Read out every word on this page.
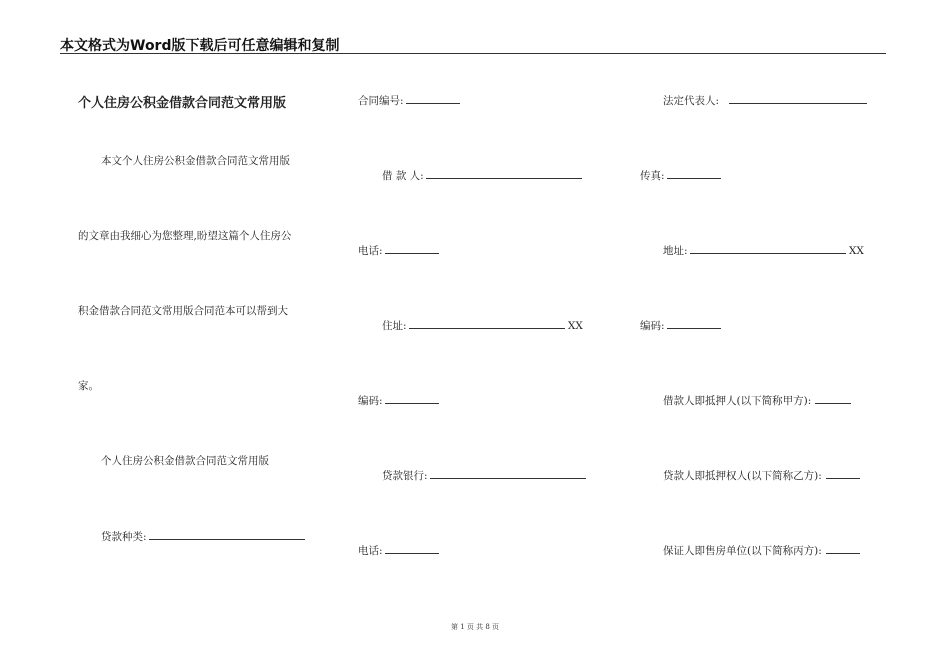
本文格式为Word版下载后可任意编辑和复制
个人住房公积金借款合同范文常用版
本文个人住房公积金借款合同范文常用版
的文章由我细心为您整理,盼望这篇个人住房公
积金借款合同范文常用版合同范本可以帮到大
家。
个人住房公积金借款合同范文常用版
贷款种类:
合同编号:
借 款 人:
电话:
住址:	XX
编码:
贷款银行:
电话:
法定代表人:
传真:
地址:	XX
编码:
借款人即抵押人(以下简称甲方):
贷款人即抵押权人(以下简称乙方):
保证人即售房单位(以下简称丙方):
第 1 页 共 8 页
